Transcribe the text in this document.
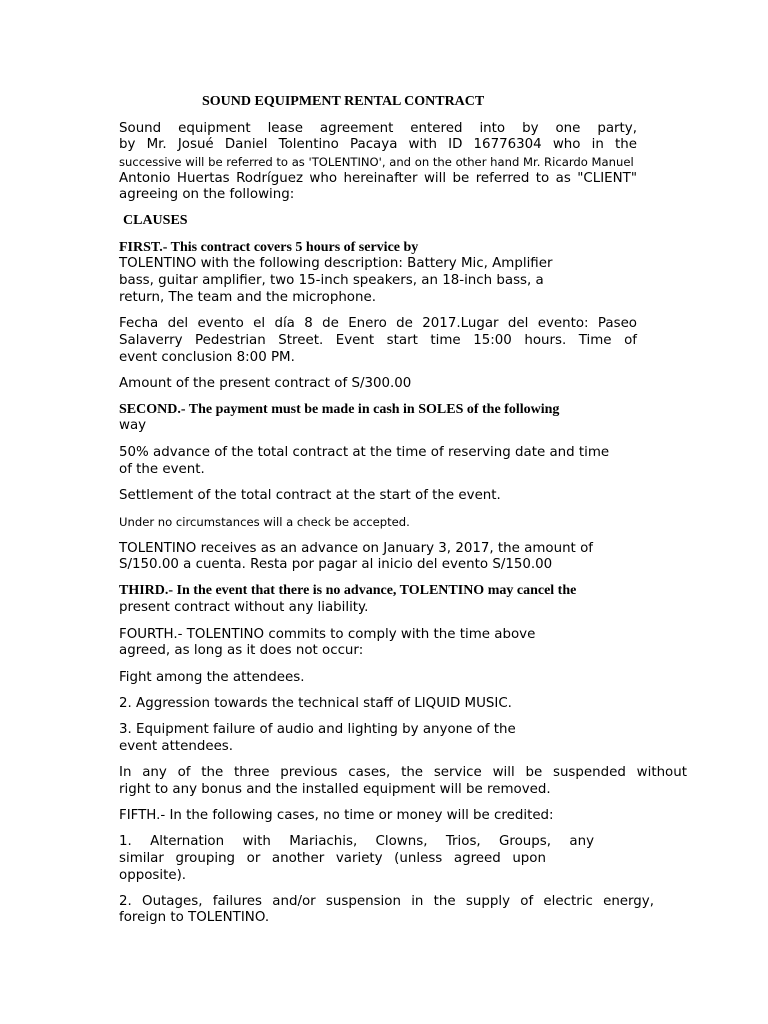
SOUND EQUIPMENT RENTAL CONTRACT

Sound equipment lease agreement entered into by one party,

by Mr. Josué Daniel Tolentino Pacaya with ID 16776304 who in the

successive will be referred to as 'TOLENTINO', and on the other hand Mr. Ricardo Manuel

Antonio Huertas Rodríguez who hereinafter will be referred to as "CLIENT"

agreeing on the following:

CLAUSES

FIRST.- This contract covers 5 hours of service by

TOLENTINO with the following description: Battery Mic, Amplifier

bass, guitar amplifier, two 15-inch speakers, an 18-inch bass, a

return, The team and the microphone.

Fecha del evento el día 8 de Enero de 2017.Lugar del evento: Paseo

Salaverry Pedestrian Street. Event start time 15:00 hours. Time of

event conclusion 8:00 PM.

Amount of the present contract of S/300.00

SECOND.- The payment must be made in cash in SOLES of the following

way

50% advance of the total contract at the time of reserving date and time

of the event.

Settlement of the total contract at the start of the event.

Under no circumstances will a check be accepted.

TOLENTINO receives as an advance on January 3, 2017, the amount of

S/150.00 a cuenta. Resta por pagar al inicio del evento S/150.00

THIRD.- In the event that there is no advance, TOLENTINO may cancel the

present contract without any liability.

FOURTH.- TOLENTINO commits to comply with the time above

agreed, as long as it does not occur:

Fight among the attendees.

2. Aggression towards the technical staff of LIQUID MUSIC.

3. Equipment failure of audio and lighting by anyone of the

event attendees.

In any of the three previous cases, the service will be suspended without

right to any bonus and the installed equipment will be removed.

FIFTH.- In the following cases, no time or money will be credited:

1. Alternation with Mariachis, Clowns, Trios, Groups, any

similar grouping or another variety (unless agreed upon

opposite).

2. Outages, failures and/or suspension in the supply of electric energy,

foreign to TOLENTINO.
